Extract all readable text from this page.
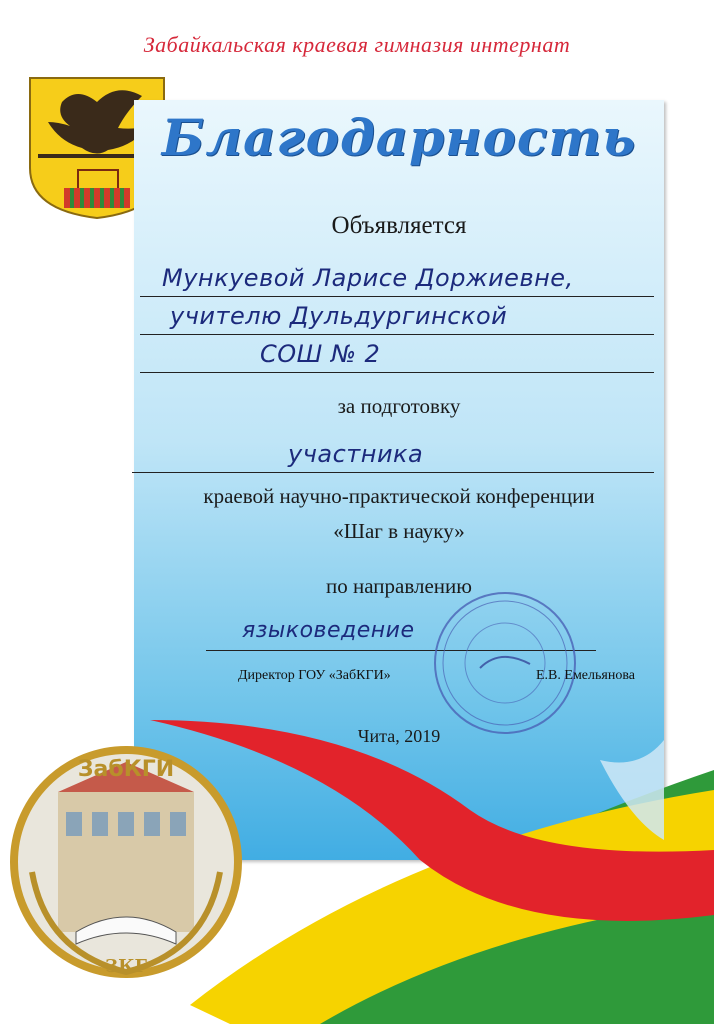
Забайкальская краевая гимназия интернат
Благодарность
Объявляется
Мункуевой Ларисе Доржиевне,
учителю Дульдургинской
СОШ № 2
за подготовку
участника
краевой научно-практической конференции
«Шаг в науку»
по направлению
языковедение
Директор ГОУ «ЗабКГИ»	Е.В. Емельянова
Чита, 2019
ЗабКГИ
ЗКГ
